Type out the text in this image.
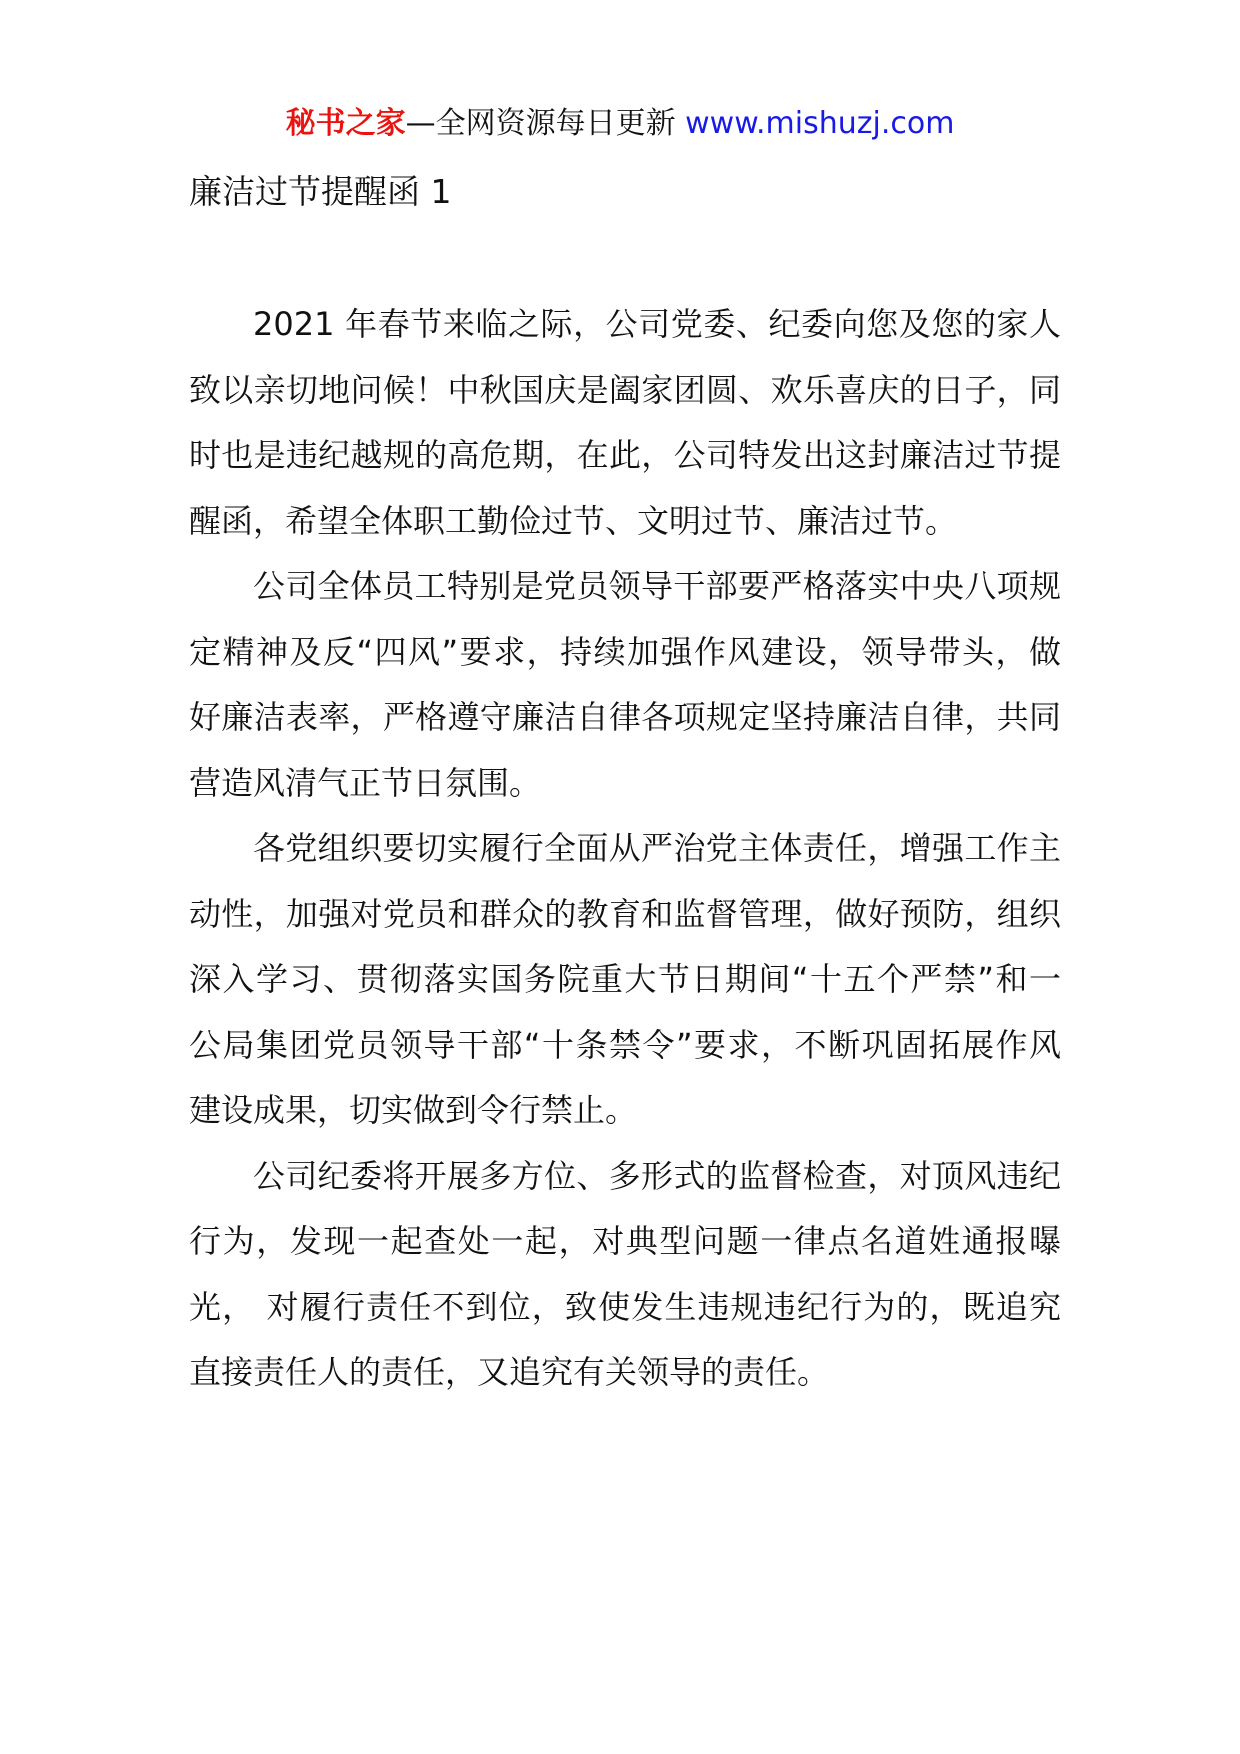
秘书之家—全网资源每日更新 www.mishuzj.com
廉洁过节提醒函 1

2021 年春节来临之际，公司党委、纪委向您及您的家人致以亲切地问候！中秋国庆是阖家团圆、欢乐喜庆的日子，同时也是违纪越规的高危期，在此，公司特发出这封廉洁过节提醒函，希望全体职工勤俭过节、文明过节、廉洁过节。

公司全体员工特别是党员领导干部要严格落实中央八项规 定精神及反“四风”要求，持续加强作风建设，领导带头，做 好廉洁表率，严格遵守廉洁自律各项规定坚持廉洁自律，共同 营造风清气正节日氛围。

各党组织要切实履行全面从严治党主体责任，增强工作主 动性，加强对党员和群众的教育和监督管理，做好预防，组织 深入学习、贯彻落实国务院重大节日期间“十五个严禁”和一 公局集团党员领导干部“十条禁令”要求，不断巩固拓展作风 建设成果，切实做到令行禁止。

公司纪委将开展多方位、多形式的监督检查，对顶风违纪行为，发现一起查处一起，对典型问题一律点名道姓通报曝光， 对履行责任不到位，致使发生违规违纪行为的，既追究直接责任人的责任，又追究有关领导的责任。
